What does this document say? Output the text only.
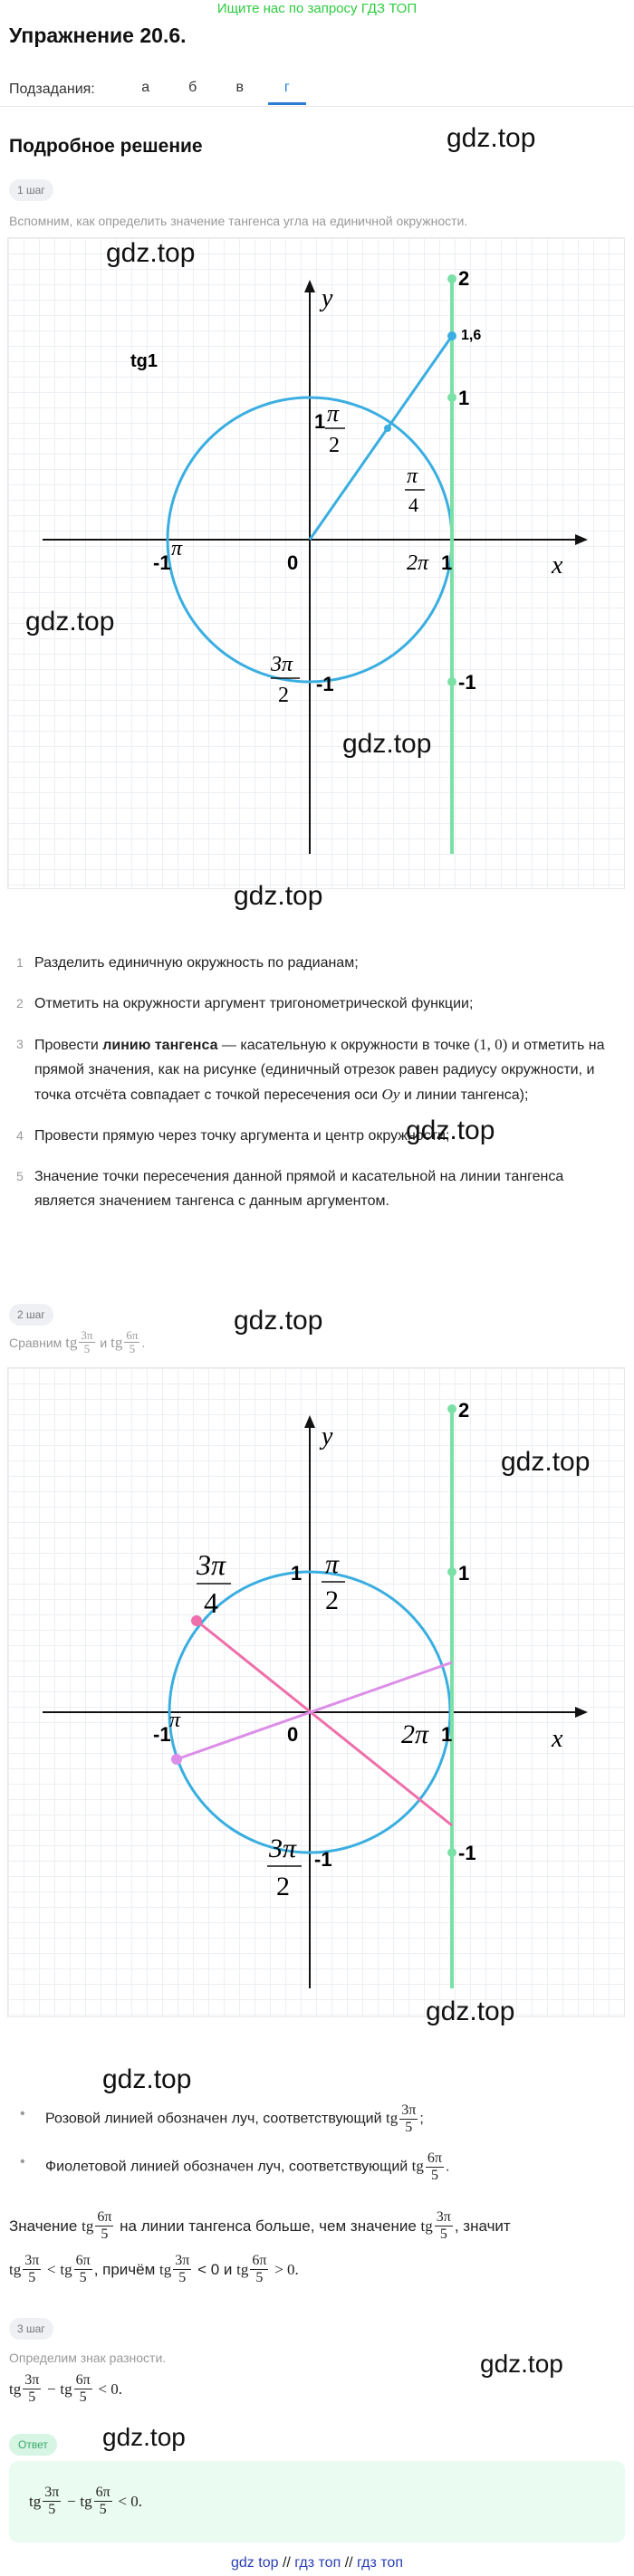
Ищите нас по запросу ГДЗ ТОП
Упражнение 20.6.
Подзадания:	а	б	в	г
Подробное решение	gdz.top
1 шаг
Вспомним, как определить значение тангенса угла на единичной окружности.
tg1
y
x
0
-1
π
1
2π
1 π
2
π
4
3π
2 -1
2
1,6
1
-1
gdz.top
gdz.top
gdz.top
gdz.top
1 Разделить единичную окружность по радианам;
2 Отметить на окружности аргумент тригонометрической функции;
3 Провести линию тангенса — касательную к окружности в точке (1, 0) и отметить на прямой значения, как на рисунке (единичный отрезок равен радиусу окружности, и точка отсчёта совпадает с точкой пересечения оси Oy и линии тангенса);
4 Провести прямую через точку аргумента и центр окружности;
5 Значение точки пересечения данной прямой и касательной на линии тангенса является значением тангенса с данным аргументом.
gdz.top
2 шаг	gdz.top
Сравним
tg $\frac{3\pi}{5}$
и
tg $\frac{6\pi}{5}$ .
y
x
0
-1
π
1
2π
1 π
2
3π
4
3π
2
-1
2
1
-1
gdz.top
gdz.top
gdz.top
• Розовой линией обозначен луч, соответствующий tg $\frac{3\pi}{5}$ ;
• Фиолетовой линией обозначен луч, соответствующий tg $\frac{6\pi}{5}$ .
Значение
tg $\frac{6\pi}{5}$
на линии тангенса больше, чем значение
tg $\frac{3\pi}{5}$ , значит
tg $\frac{3\pi}{5}$
<
tg $\frac{6\pi}{5}$ , причём
tg $\frac{3\pi}{5}$
< 0 и
tg $\frac{6\pi}{5}$
> 0.
3 шаг
Определим знак разности.	gdz.top
tg $\frac{3\pi}{5}$
−
tg $\frac{6\pi}{5}$
< 0.
Ответ	gdz.top
tg $\frac{3\pi}{5}$
−
tg $\frac{6\pi}{5}$
< 0.
gdz top // гдз топ // гдз топ
